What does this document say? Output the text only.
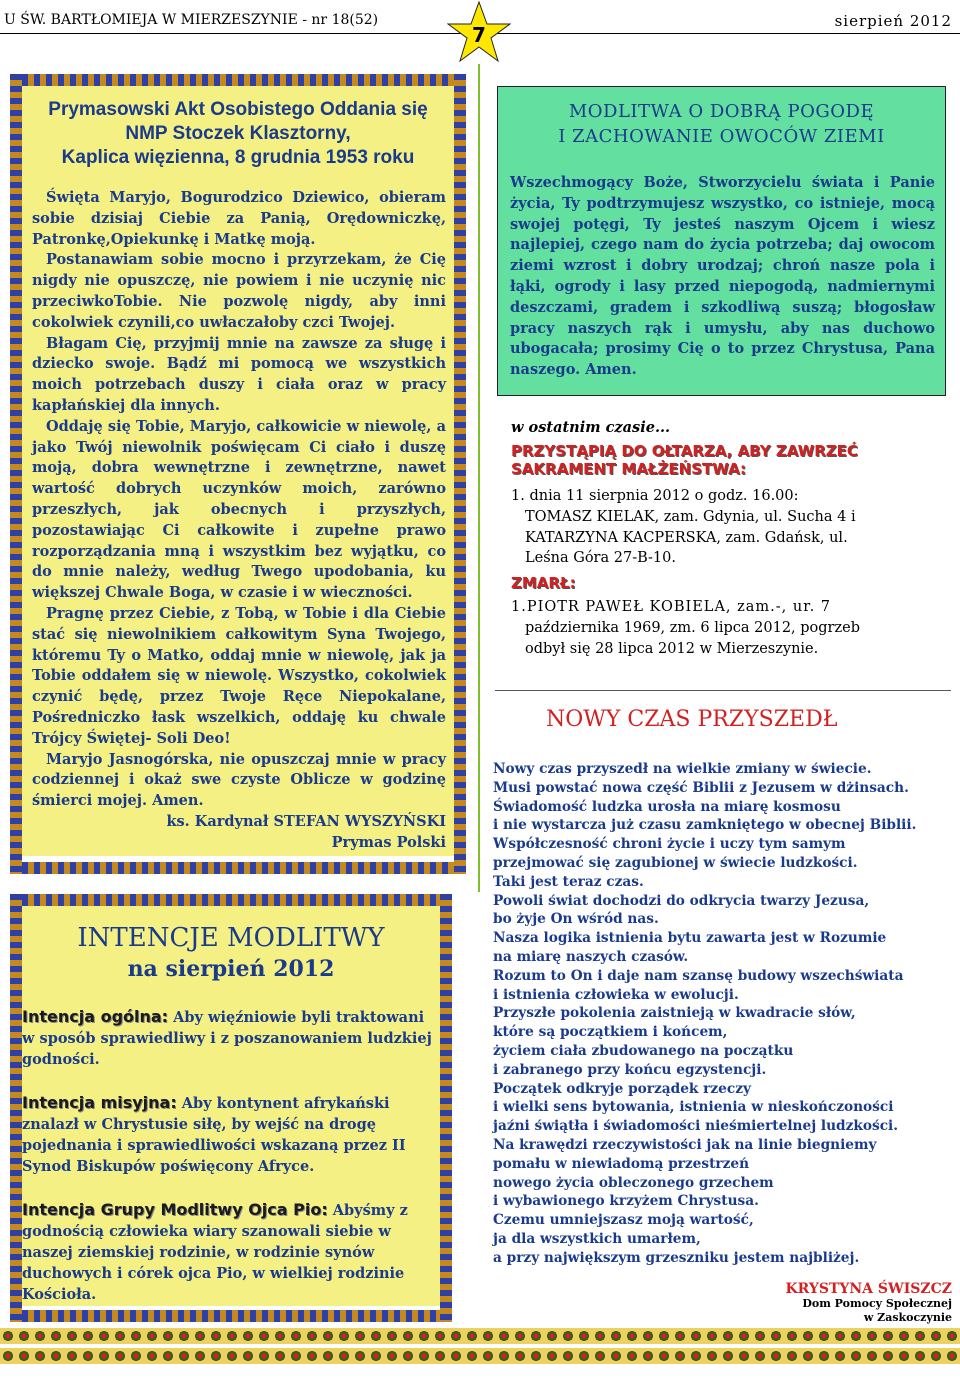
U ŚW. BARTŁOMIEJA W MIERZESZYNIE - nr 18(52)	sierpień 2012
7
Prymasowski Akt Osobistego Oddania się
NMP Stoczek Klasztorny,
Kaplica więzienna, 8 grudnia 1953 roku

Święta Maryjo, Bogurodzico Dziewico, obieram sobie dzisiaj Ciebie za Panią, Orędowniczkę, Patronkę,Opiekunkę i Matkę moją.

Postanawiam sobie mocno i przyrzekam, że Cię nigdy nie opuszczę, nie powiem i nie uczynię nic przeciwkoTobie. Nie pozwolę nigdy, aby inni cokolwiek czynili,co uwłaczałoby czci Twojej.

Błagam Cię, przyjmij mnie na zawsze za sługę i dziecko swoje. Bądź mi pomocą we wszystkich moich potrzebach duszy i ciała oraz w pracy kapłańskiej dla innych.

Oddaję się Tobie, Maryjo, całkowicie w niewolę, a jako Twój niewolnik poświęcam Ci ciało i duszę moją, dobra wewnętrzne i zewnętrzne, nawet wartość dobrych uczynków moich, zarówno przeszłych, jak obecnych i przyszłych, pozostawiając Ci całkowite i zupełne prawo rozporządzania mną i wszystkim bez wyjątku, co do mnie należy, według Twego upodobania, ku większej Chwale Boga, w czasie i w wieczności.

Pragnę przez Ciebie, z Tobą, w Tobie i dla Ciebie stać się niewolnikiem całkowitym Syna Twojego, któremu Ty o Matko, oddaj mnie w niewolę, jak ja Tobie oddałem się w niewolę. Wszystko, cokolwiek czynić będę, przez Twoje Ręce Niepokalane, Pośredniczko łask wszelkich, oddaję ku chwale Trójcy Świętej- Soli Deo!

Maryjo Jasnogórska, nie opuszczaj mnie w pracy codziennej i okaż swe czyste Oblicze w godzinę śmierci mojej. Amen.

ks. Kardynał STEFAN WYSZYŃSKI

Prymas Polski

INTENCJE MODLITWY
na sierpień 2012

Intencja ogólna: Aby więźniowie byli traktowani w sposób sprawiedliwy i z poszanowaniem ludzkiej godności.

Intencja misyjna: Aby kontynent afrykański znalazł w Chrystusie siłę, by wejść na drogę pojednania i sprawiedliwości wskazaną przez II Synod Biskupów poświęcony Afryce.

Intencja Grupy Modlitwy Ojca Pio: Abyśmy z godnością człowieka wiary szanowali siebie w naszej ziemskiej rodzinie, w rodzinie synów duchowych i córek ojca Pio, w wielkiej rodzinie Kościoła.

MODLITWA O DOBRĄ POGODĘ
I ZACHOWANIE OWOCÓW ZIEMI
Wszechmogący Boże, Stworzycielu świata i Panie życia, Ty podtrzymujesz wszystko, co istnieje, mocą swojej potęgi, Ty jesteś naszym Ojcem i wiesz najlepiej, czego nam do życia potrzeba; daj owocom ziemi wzrost i dobry urodzaj; chroń nasze pola i łąki, ogrody i lasy przed niepogodą, nadmiernymi deszczami, gradem i szkodliwą suszą; błogosław pracy naszych rąk i umysłu, aby nas duchowo ubogacała; prosimy Cię o to przez Chrystusa, Pana naszego. Amen.
w ostatnim czasie...
PRZYSTĄPIĄ DO OŁTARZA, ABY ZAWRZEĆ
SAKRAMENT MAŁŻEŃSTWA:
1. dnia 11 sierpnia 2012 o godz. 16.00:
TOMASZ KIELAK, zam. Gdynia, ul. Sucha 4 i
KATARZYNA KACPERSKA, zam. Gdańsk, ul.
Leśna Góra 27-B-10.
ZMARŁ:
1.PIOTR PAWEŁ KOBIELA, zam.-, ur. 7
października 1969, zm. 6 lipca 2012, pogrzeb
odbył się 28 lipca 2012 w Mierzeszynie.
NOWY CZAS PRZYSZEDŁ
Nowy czas przyszedł na wielkie zmiany w świecie.
Musi powstać nowa część Biblii z Jezusem w dżinsach.
Świadomość ludzka urosła na miarę kosmosu
i nie wystarcza już czasu zamkniętego w obecnej Biblii.
Współczesność chroni życie i uczy tym samym
przejmować się zagubionej w świecie ludzkości.
Taki jest teraz czas.
Powoli świat dochodzi do odkrycia twarzy Jezusa,
bo żyje On wśród nas.
Nasza logika istnienia bytu zawarta jest w Rozumie
na miarę naszych czasów.
Rozum to On i daje nam szansę budowy wszechświata
i istnienia człowieka w ewolucji.
Przyszłe pokolenia zaistnieją w kwadracie słów,
które są początkiem i końcem,
życiem ciała zbudowanego na początku
i zabranego przy końcu egzystencji.
Początek odkryje porządek rzeczy
i wielki sens bytowania, istnienia w nieskończoności
jaźni świątła i świadomości nieśmiertelnej ludzkości.
Na krawędzi rzeczywistości jak na linie biegniemy
pomału w niewiadomą przestrzeń
nowego życia obleczonego grzechem
i wybawionego krzyżem Chrystusa.
Czemu umniejszasz moją wartość,
ja dla wszystkich umarłem,
a przy największym grzeszniku jestem najbliżej.
KRYSTYNA ŚWISZCZ
Dom Pomocy Społecznej
w Zaskoczynie
